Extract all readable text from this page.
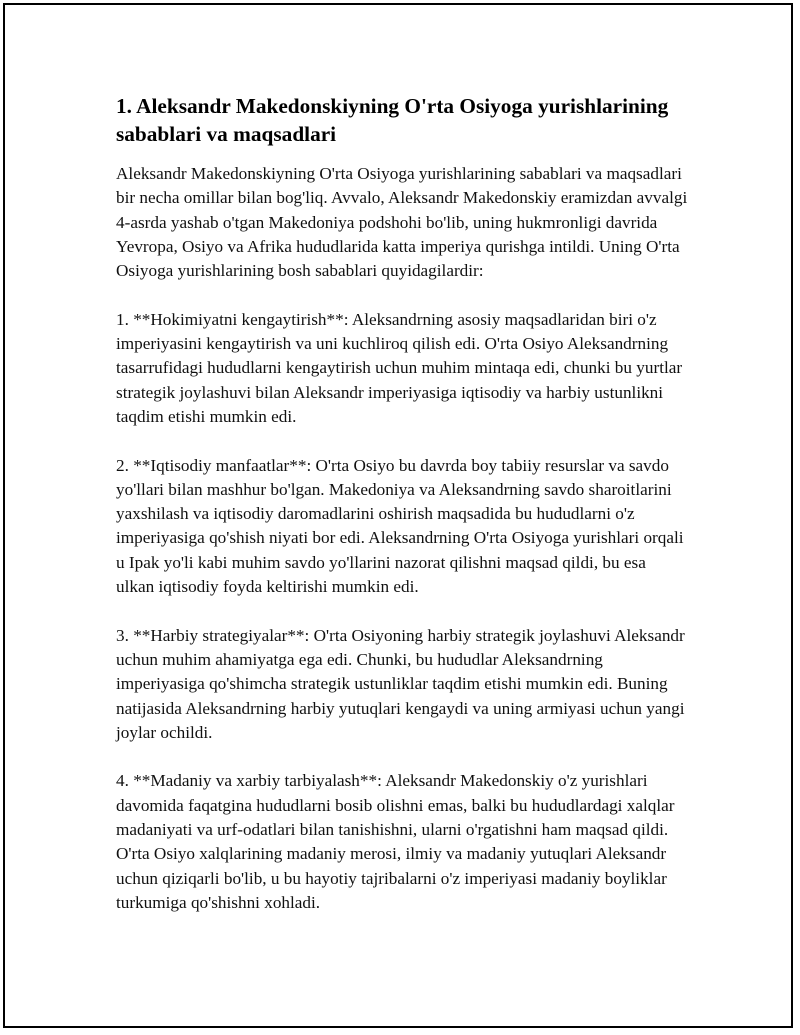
1. Aleksandr Makedonskiyning O'rta Osiyoga yurishlarining sabablari va maqsadlari

Aleksandr Makedonskiyning O'rta Osiyoga yurishlarining sabablari va maqsadlari bir necha omillar bilan bog'liq. Avvalo, Aleksandr Makedonskiy eramizdan avvalgi 4-asrda yashab o'tgan Makedoniya podshohi bo'lib, uning hukmronligi davrida Yevropa, Osiyo va Afrika hududlarida katta imperiya qurishga intildi. Uning O'rta Osiyoga yurishlarining bosh sabablari quyidagilardir:

1. **Hokimiyatni kengaytirish**: Aleksandrning asosiy maqsadlaridan biri o'z imperiyasini kengaytirish va uni kuchliroq qilish edi. O'rta Osiyo Aleksandrning tasarrufidagi hududlarni kengaytirish uchun muhim mintaqa edi, chunki bu yurtlar strategik joylashuvi bilan Aleksandr imperiyasiga iqtisodiy va harbiy ustunlikni taqdim etishi mumkin edi.

2. **Iqtisodiy manfaatlar**: O'rta Osiyo bu davrda boy tabiiy resurslar va savdo yo'llari bilan mashhur bo'lgan. Makedoniya va Aleksandrning savdo sharoitlarini yaxshilash va iqtisodiy daromadlarini oshirish maqsadida bu hududlarni o'z imperiyasiga qo'shish niyati bor edi. Aleksandrning O'rta Osiyoga yurishlari orqali u Ipak yo'li kabi muhim savdo yo'llarini nazorat qilishni maqsad qildi, bu esa ulkan iqtisodiy foyda keltirishi mumkin edi.

3. **Harbiy strategiyalar**: O'rta Osiyoning harbiy strategik joylashuvi Aleksandr uchun muhim ahamiyatga ega edi. Chunki, bu hududlar Aleksandrning imperiyasiga qo'shimcha strategik ustunliklar taqdim etishi mumkin edi. Buning natijasida Aleksandrning harbiy yutuqlari kengaydi va uning armiyasi uchun yangi joylar ochildi.

4. **Madaniy va xarbiy tarbiyalash**: Aleksandr Makedonskiy o'z yurishlari davomida faqatgina hududlarni bosib olishni emas, balki bu hududlardagi xalqlar madaniyati va urf-odatlari bilan tanishishni, ularni o'rgatishni ham maqsad qildi. O'rta Osiyo xalqlarining madaniy merosi, ilmiy va madaniy yutuqlari Aleksandr uchun qiziqarli bo'lib, u bu hayotiy tajribalarni o'z imperiyasi madaniy boyliklar turkumiga qo'shishni xohladi.
